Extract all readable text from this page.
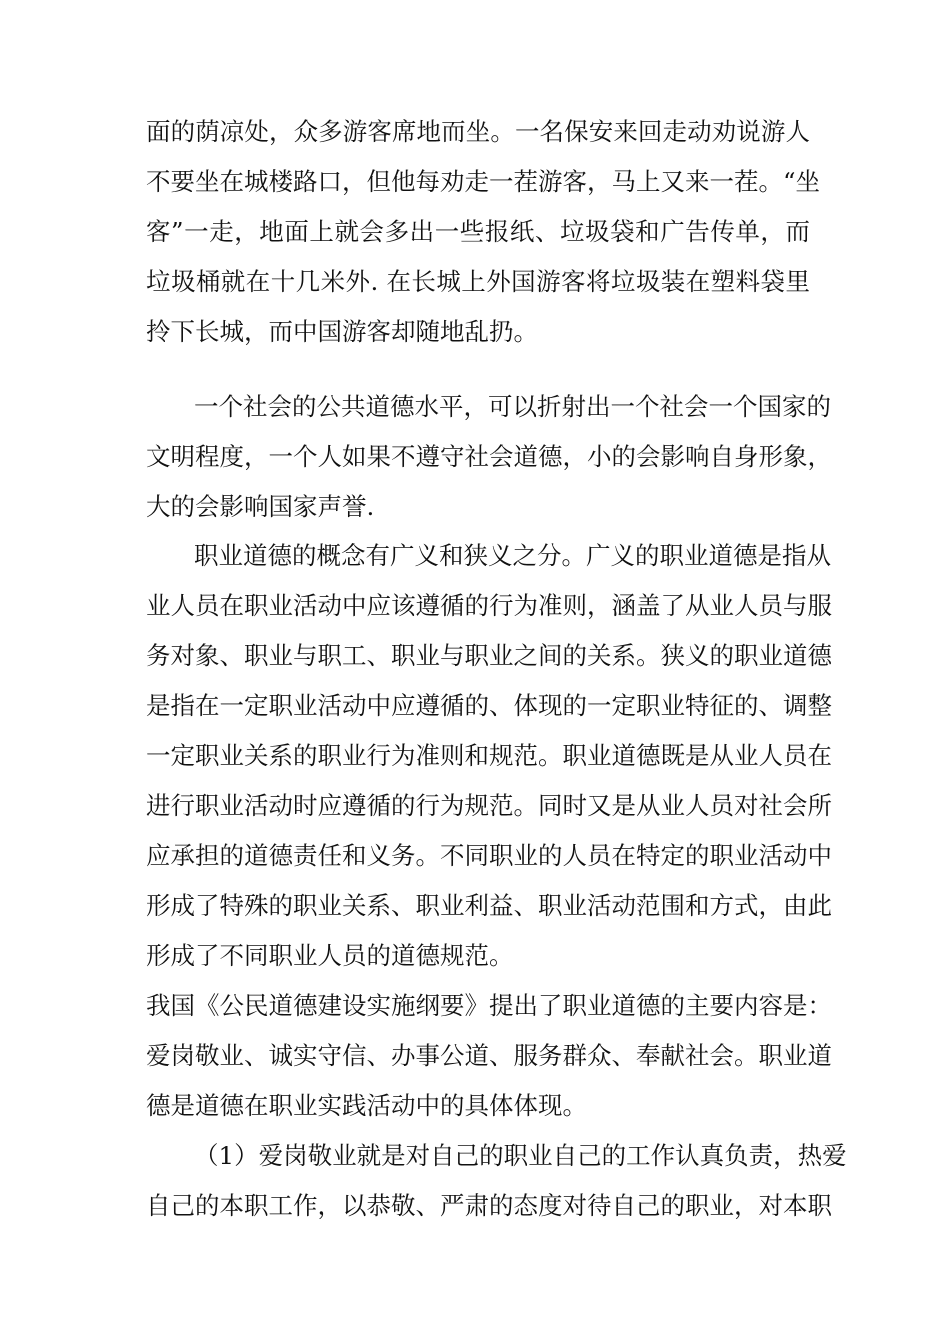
面的荫凉处，众多游客席地而坐。一名保安来回走动劝说游人
不要坐在城楼路口，但他每劝走一茬游客，马上又来一茬。“坐
客”一走，地面上就会多出一些报纸、垃圾袋和广告传单，而
垃圾桶就在十几米外. 在长城上外国游客将垃圾装在塑料袋里
拎下长城，而中国游客却随地乱扔。
一个社会的公共道德水平，可以折射出一个社会一个国家的
文明程度，一个人如果不遵守社会道德，小的会影响自身形象，
大的会影响国家声誉.
职业道德的概念有广义和狭义之分。广义的职业道德是指从
业人员在职业活动中应该遵循的行为准则，涵盖了从业人员与服
务对象、职业与职工、职业与职业之间的关系。狭义的职业道德
是指在一定职业活动中应遵循的、体现的一定职业特征的、调整
一定职业关系的职业行为准则和规范。职业道德既是从业人员在
进行职业活动时应遵循的行为规范。同时又是从业人员对社会所
应承担的道德责任和义务。不同职业的人员在特定的职业活动中
形成了特殊的职业关系、职业利益、职业活动范围和方式，由此
形成了不同职业人员的道德规范。
我国《公民道德建设实施纲要》提出了职业道德的主要内容是：
爱岗敬业、诚实守信、办事公道、服务群众、奉献社会。职业道
德是道德在职业实践活动中的具体体现。
（1）爱岗敬业就是对自己的职业自己的工作认真负责，热爱
自己的本职工作，以恭敬、严肃的态度对待自己的职业，对本职
